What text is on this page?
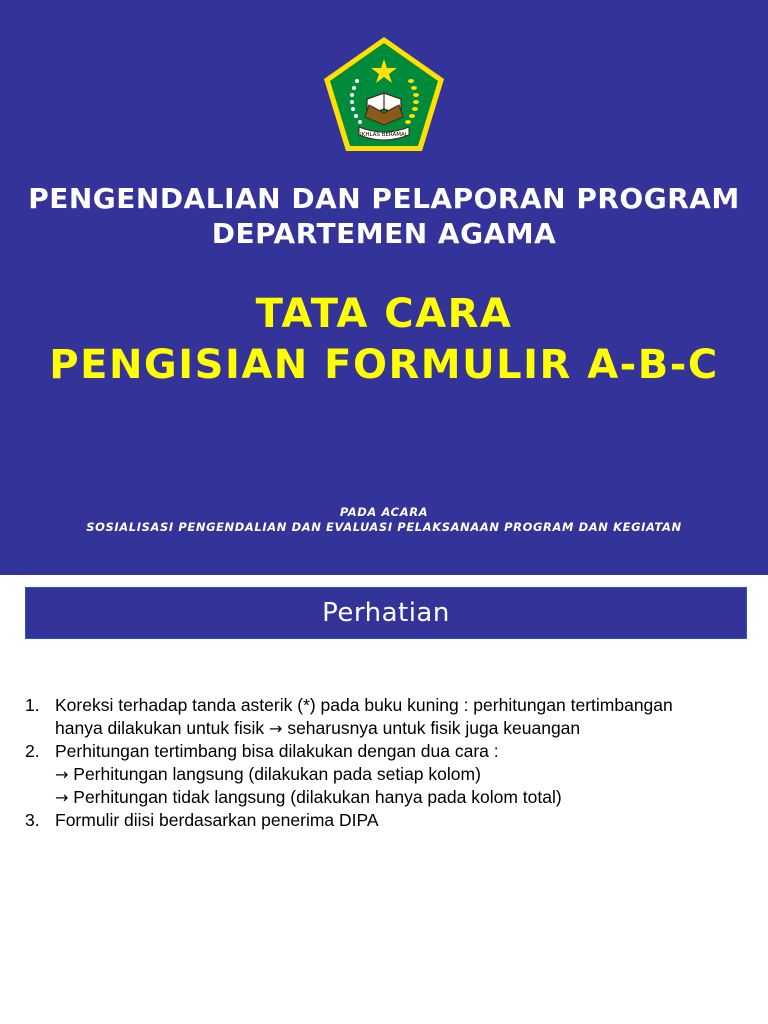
IKHLAS BERAMAL
PENGENDALIAN DAN PELAPORAN PROGRAM
DEPARTEMEN AGAMA
TATA CARA
PENGISIAN FORMULIR A-B-C
PADA ACARA
SOSIALISASI PENGENDALIAN DAN EVALUASI PELAKSANAAN PROGRAM DAN KEGIATAN
Perhatian
1. Koreksi terhadap tanda asterik (*) pada buku kuning : perhitungan tertimbangan
hanya dilakukan untuk fisik → seharusnya untuk fisik juga keuangan
2. Perhitungan tertimbang bisa dilakukan dengan dua cara :
→ Perhitungan langsung (dilakukan pada setiap kolom)
→ Perhitungan tidak langsung (dilakukan hanya pada kolom total)
3. Formulir diisi berdasarkan penerima DIPA
